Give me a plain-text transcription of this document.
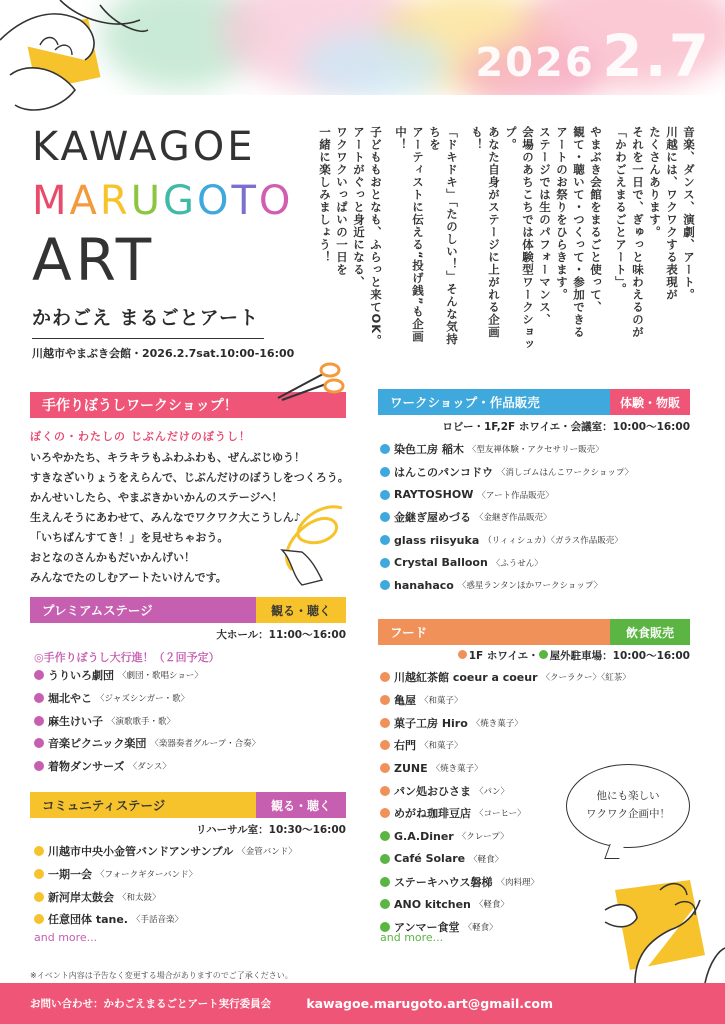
2026 2.7
KAWAGOE
MARUGOTO
ART
かわごえ まるごとアート
川越市やまぶき会館・2026.2.7sat.10:00-16:00

音楽、ダンス、演劇、アート。

川越には、ワクワクする表現が

たくさんあります。

それを一日で、ぎゅっと味わえるのが

「かわごえまるごとアート」。

やまぶき会館をまるごと使って、

観て・聴いて・つくって・参加できる

アートのお祭りをひらきます。

ステージでは生のパフォーマンス、

会場のあちこちでは体験型ワークショップ。

あなた自身がステージに上がれる企画も！

「ドキドキ」「たのしい！」そんな気持ちを

アーティストに伝える“投げ銭”も企画中！

子どももおとなも、ふらっと来てOK。

アートがぐっと身近になる、

ワクワクいっぱいの一日を

一緒に楽しみましょう！

手作りぼうしワークショップ！
ぼくの・わたしの じぶんだけのぼうし！
いろやかたち、キラキラもふわふわも、ぜんぶじゆう！
すきなざいりょうをえらんで、じぶんだけのぼうしをつくろう。
かんせいしたら、やまぶきかいかんのステージへ！
生えんそうにあわせて、みんなでワクワク大こうしん♪
「いちばんすてき！」を見せちゃおう。
おとなのさんかもだいかんげい！
みんなでたのしむアートたいけんです。
プレミアムステージ	観る・聴く
大ホール：11:00〜16:00
◎手作りぼうし大行進！（２回予定）
うりいろ劇団 〈劇団・歌唱ショー〉
堀北やこ 〈ジャズシンガー・歌〉
麻生けい子 〈演歌歌手・歌〉
音楽ピクニック楽団 〈楽器奏者グループ・合奏〉
着物ダンサーズ 〈ダンス〉
コミュニティステージ	観る・聴く
リハーサル室：10:30〜16:00
川越市中央小金管バンドアンサンブル 〈金管バンド〉
一期一会 〈フォークギターバンド〉
新河岸太鼓会 〈和太鼓〉
任意団体 tane. 〈手話音楽〉
and more...
ワークショップ・作品販売	体験・物販
ロビー・1F,2F ホワイエ・会議室：10:00〜16:00
染色工房 稲木 〈型友禅体験・アクセサリー販売〉
はんこのパンコドウ 〈消しゴムはんこワークショップ〉
RAYTOSHOW 〈アート作品販売〉
金継ぎ屋めづる 〈金継ぎ作品販売〉
glass riisyuka （リィィシュカ）〈ガラス作品販売〉
Crystal Balloon 〈ふうせん〉
hanahaco 〈惑星ランタンほかワークショップ〉
フード	飲食販売
1F ホワイエ・ 屋外駐車場：10:00〜16:00
川越紅茶館 coeur a coeur 〈クーラクー〉〈紅茶〉
亀屋 〈和菓子〉
菓子工房 Hiro 〈焼き菓子〉
右門 〈和菓子〉
ZUNE 〈焼き菓子〉
パン処おひさま 〈パン〉
めがね珈琲豆店 〈コーヒー〉
G.A.Diner 〈クレープ〉
Café Solare 〈軽食〉
ステーキハウス磐梯 〈肉料理〉
ANO kitchen 〈軽食〉
アンマー食堂 〈軽食〉
and more...
他にも楽しい
ワクワク企画中！
※イベント内容は予告なく変更する場合がありますのでご了承ください。
お問い合わせ：かわごえまるごとアート実行委員会	kawagoe.marugoto.art@gmail.com
